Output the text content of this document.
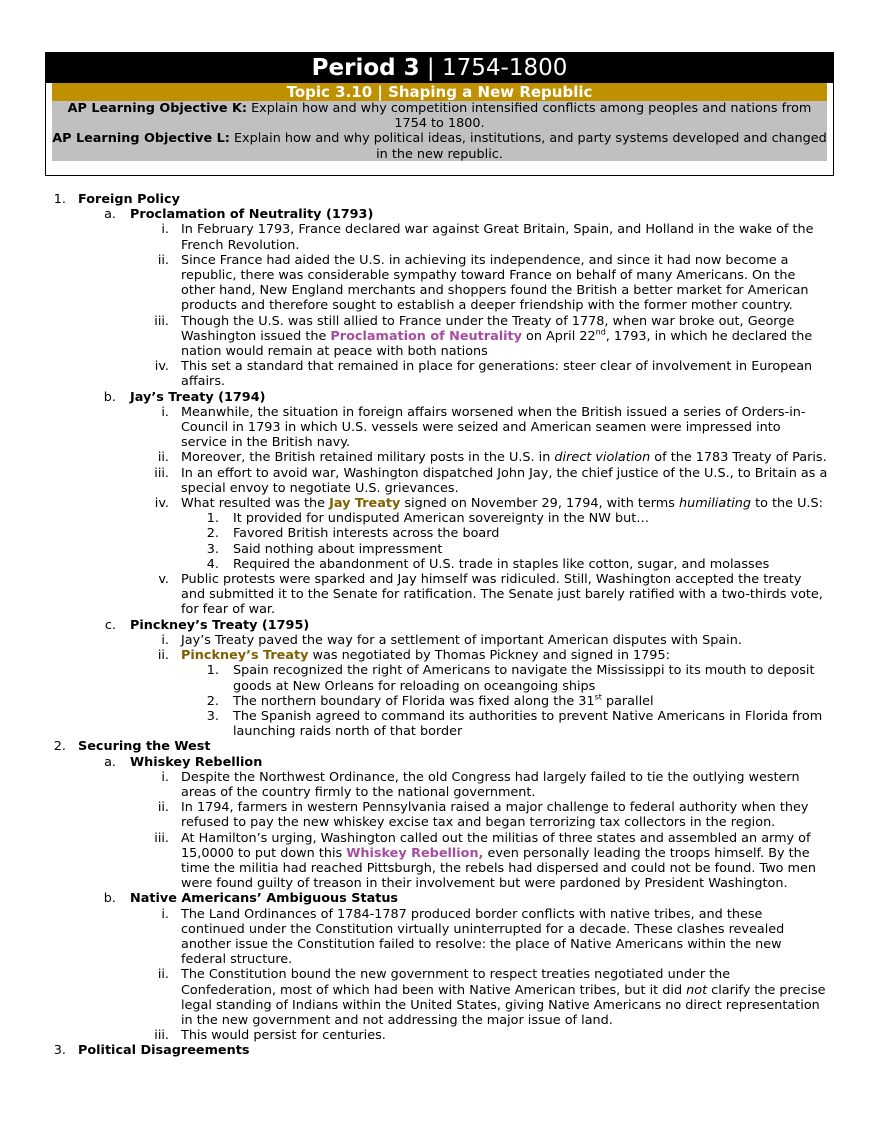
Period 3 | 1754-1800
Topic 3.10 | Shaping a New Republic

AP Learning Objective K: Explain how and why competition intensified conflicts among peoples and nations from 1754 to 1800.

AP Learning Objective L: Explain how and why political ideas, institutions, and party systems developed and changed in the new republic.

1. Foreign Policy
a. Proclamation of Neutrality (1793)
i. In February 1793, France declared war against Great Britain, Spain, and Holland in the wake of the French Revolution.
ii. Since France had aided the U.S. in achieving its independence, and since it had now become a republic, there was considerable sympathy toward France on behalf of many Americans. On the other hand, New England merchants and shoppers found the British a better market for American products and therefore sought to establish a deeper friendship with the former mother country.
iii. Though the U.S. was still allied to France under the Treaty of 1778, when war broke out, George Washington issued the Proclamation of Neutrality on April 22nd, 1793, in which he declared the nation would remain at peace with both nations
iv. This set a standard that remained in place for generations: steer clear of involvement in European affairs.
b. Jay’s Treaty (1794)
i. Meanwhile, the situation in foreign affairs worsened when the British issued a series of Orders-in-Council in 1793 in which U.S. vessels were seized and American seamen were impressed into service in the British navy.
ii. Moreover, the British retained military posts in the U.S. in direct violation of the 1783 Treaty of Paris.
iii. In an effort to avoid war, Washington dispatched John Jay, the chief justice of the U.S., to Britain as a special envoy to negotiate U.S. grievances.
iv. What resulted was the Jay Treaty signed on November 29, 1794, with terms humiliating to the U.S:
1. It provided for undisputed American sovereignty in the NW but…
2. Favored British interests across the board
3. Said nothing about impressment
4. Required the abandonment of U.S. trade in staples like cotton, sugar, and molasses
v. Public protests were sparked and Jay himself was ridiculed. Still, Washington accepted the treaty and submitted it to the Senate for ratification. The Senate just barely ratified with a two-thirds vote, for fear of war.
c. Pinckney’s Treaty (1795)
i. Jay’s Treaty paved the way for a settlement of important American disputes with Spain.
ii. Pinckney’s Treaty was negotiated by Thomas Pickney and signed in 1795:
1. Spain recognized the right of Americans to navigate the Mississippi to its mouth to deposit goods at New Orleans for reloading on oceangoing ships
2. The northern boundary of Florida was fixed along the 31st parallel
3. The Spanish agreed to command its authorities to prevent Native Americans in Florida from launching raids north of that border
2. Securing the West
a. Whiskey Rebellion
i. Despite the Northwest Ordinance, the old Congress had largely failed to tie the outlying western areas of the country firmly to the national government.
ii. In 1794, farmers in western Pennsylvania raised a major challenge to federal authority when they refused to pay the new whiskey excise tax and began terrorizing tax collectors in the region.
iii. At Hamilton’s urging, Washington called out the militias of three states and assembled an army of 15,0000 to put down this Whiskey Rebellion, even personally leading the troops himself. By the time the militia had reached Pittsburgh, the rebels had dispersed and could not be found. Two men were found guilty of treason in their involvement but were pardoned by President Washington.
b. Native Americans’ Ambiguous Status
i. The Land Ordinances of 1784-1787 produced border conflicts with native tribes, and these continued under the Constitution virtually uninterrupted for a decade. These clashes revealed another issue the Constitution failed to resolve: the place of Native Americans within the new federal structure.
ii. The Constitution bound the new government to respect treaties negotiated under the Confederation, most of which had been with Native American tribes, but it did not clarify the precise legal standing of Indians within the United States, giving Native Americans no direct representation in the new government and not addressing the major issue of land.
iii. This would persist for centuries.
3. Political Disagreements
